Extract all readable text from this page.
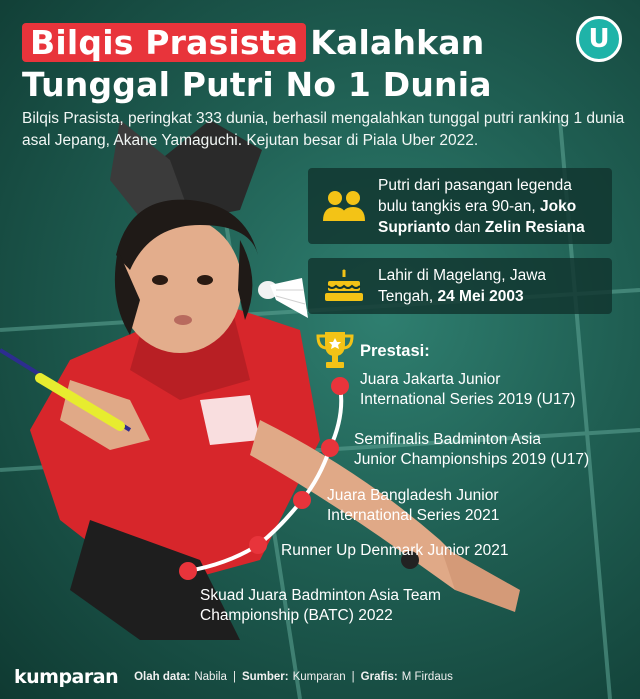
Bilqis Prasista Kalahkan
Tunggal Putri No 1 Dunia
U
Bilqis Prasista, peringkat 333 dunia, berhasil mengalahkan tunggal putri ranking 1 dunia asal Jepang, Akane Yamaguchi. Kejutan besar di Piala Uber 2022.
Putri dari pasangan legenda bulu tangkis era 90-an, Joko Suprianto dan Zelin Resiana
Lahir di Magelang, Jawa Tengah, 24 Mei 2003
Prestasi:
Juara Jakarta Junior
International Series 2019 (U17)
Semifinalis Badminton Asia
Junior Championships 2019 (U17)
Juara Bangladesh Junior
International Series 2021
Runner Up Denmark Junior 2021
Skuad Juara Badminton Asia Team
Championship (BATC) 2022
kumparan Olah data: Nabila | Sumber: Kumparan | Grafis: M Firdaus
